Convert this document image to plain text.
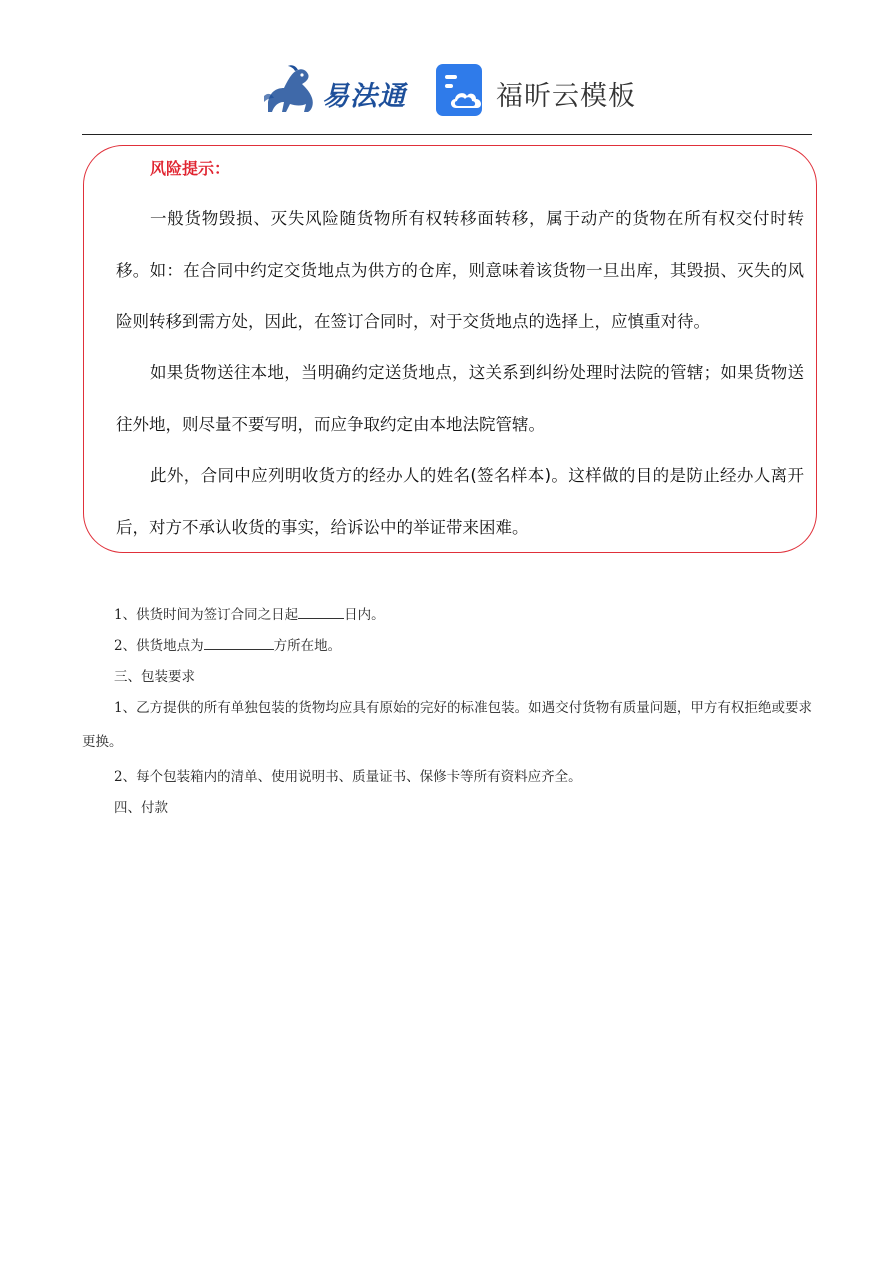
易法通	福昕云模板
风险提示：

一般货物毁损、灭失风险随货物所有权转移面转移，属于动产的货物在所有权交付时转移。如：在合同中约定交货地点为供方的仓库，则意味着该货物一旦出库，其毁损、灭失的风险则转移到需方处，因此，在签订合同时，对于交货地点的选择上，应慎重对待。

如果货物送往本地，当明确约定送货地点，这关系到纠纷处理时法院的管辖；如果货物送往外地，则尽量不要写明，而应争取约定由本地法院管辖。

此外，合同中应列明收货方的经办人的姓名(签名样本)。这样做的目的是防止经办人离开后，对方不承认收货的事实，给诉讼中的举证带来困难。

1、供货时间为签订合同之日起	日内。

2、供货地点为	方所在地。

三、包装要求

1、乙方提供的所有单独包装的货物均应具有原始的完好的标准包装。如遇交付货物有质量问题，甲方有权拒绝或要求更换。

2、每个包装箱内的清单、使用说明书、质量证书、保修卡等所有资料应齐全。

四、付款
